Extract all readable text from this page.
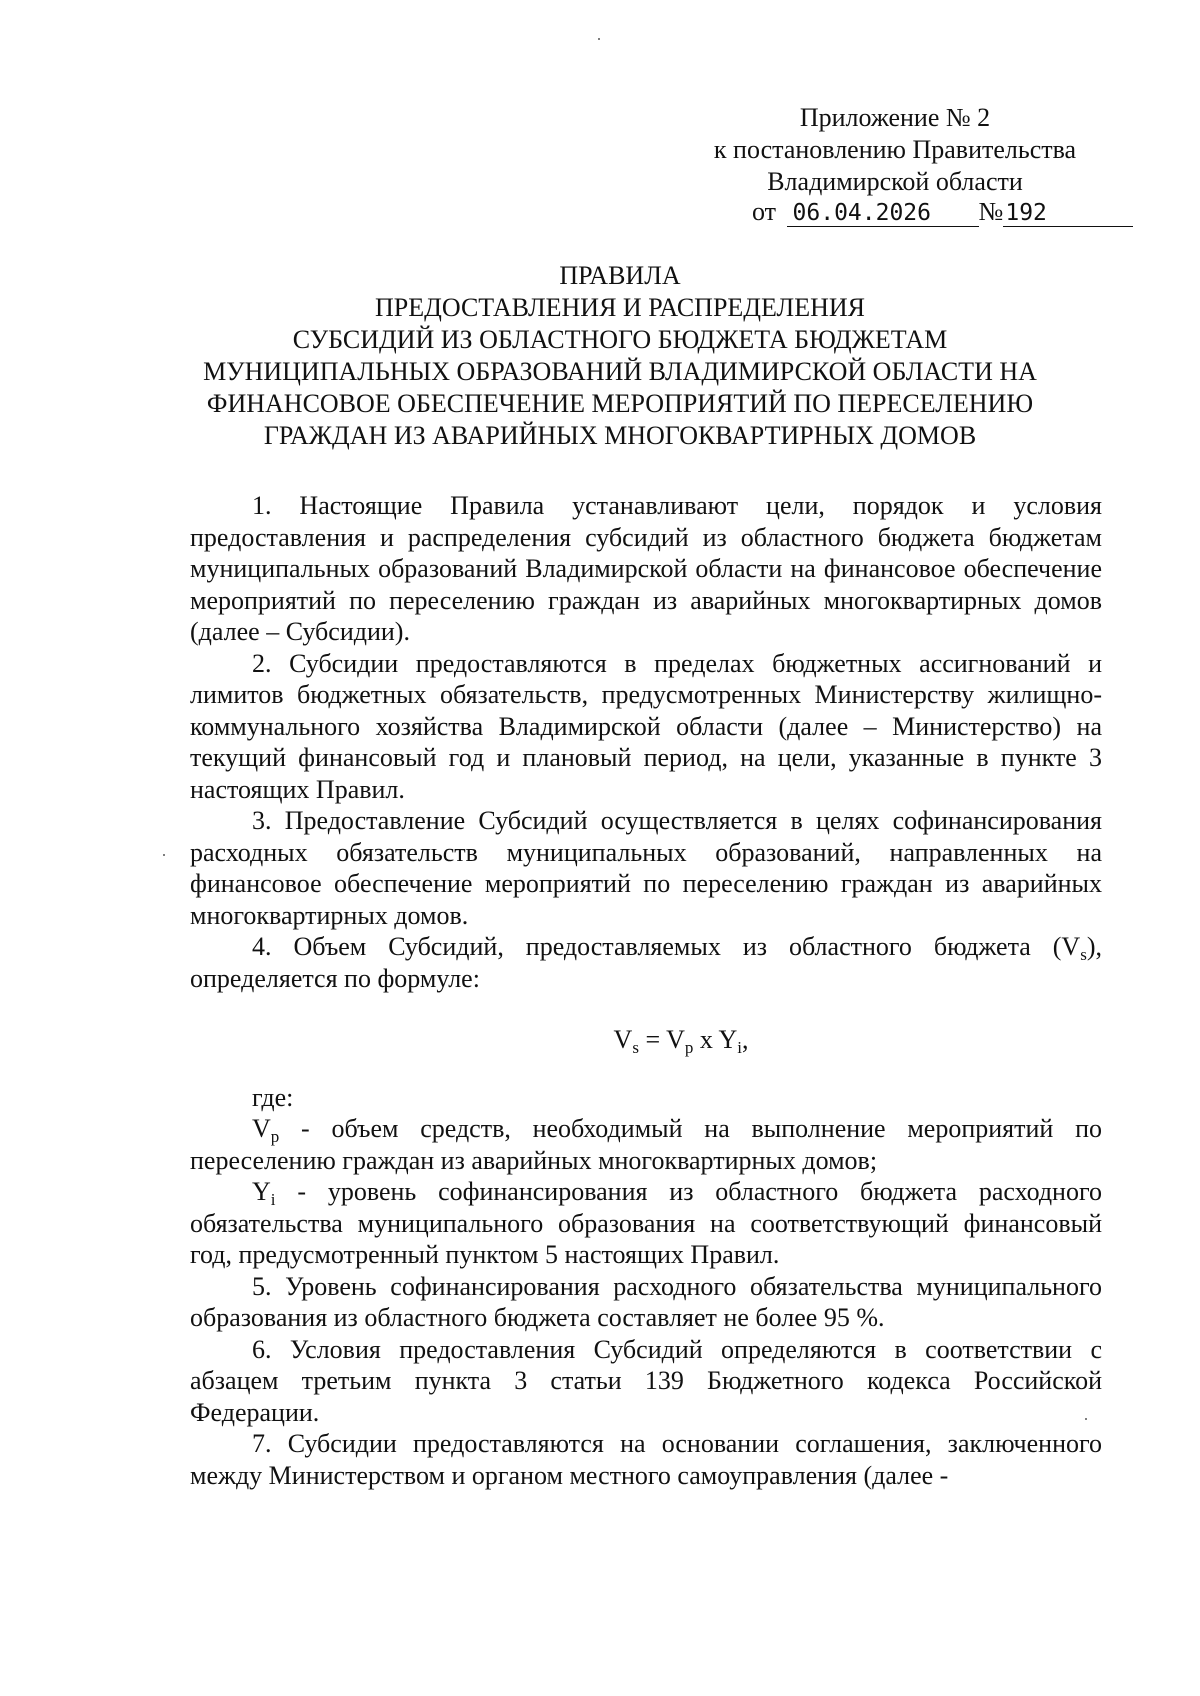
Приложение № 2
к постановлению Правительства
Владимирской области
от 06.04.2026 №192
ПРАВИЛА
ПРЕДОСТАВЛЕНИЯ И РАСПРЕДЕЛЕНИЯ
СУБСИДИЙ ИЗ ОБЛАСТНОГО БЮДЖЕТА БЮДЖЕТАМ
МУНИЦИПАЛЬНЫХ ОБРАЗОВАНИЙ ВЛАДИМИРСКОЙ ОБЛАСТИ НА
ФИНАНСОВОЕ ОБЕСПЕЧЕНИЕ МЕРОПРИЯТИЙ ПО ПЕРЕСЕЛЕНИЮ
ГРАЖДАН ИЗ АВАРИЙНЫХ МНОГОКВАРТИРНЫХ ДОМОВ

1. Настоящие Правила устанавливают цели, порядок и условия предоставления и распределения субсидий из областного бюджета бюджетам муниципальных образований Владимирской области на финансовое обеспечение мероприятий по переселению граждан из аварийных многоквартирных домов (далее – Субсидии).

2. Субсидии предоставляются в пределах бюджетных ассигнований и лимитов бюджетных обязательств, предусмотренных Министерству жилищно-коммунального хозяйства Владимирской области (далее – Министерство) на текущий финансовый год и плановый период, на цели, указанные в пункте 3 настоящих Правил.

3. Предоставление Субсидий осуществляется в целях софинансирования расходных обязательств муниципальных образований, направленных на финансовое обеспечение мероприятий по переселению граждан из аварийных многоквартирных домов.

4. Объем Субсидий, предоставляемых из областного бюджета $(V_s)$, определяется по формуле:

$V_s = V_p$ x $Y_i$,

где:

$V_p$ - объем средств, необходимый на выполнение мероприятий по переселению граждан из аварийных многоквартирных домов;

$Y_i$ - уровень софинансирования из областного бюджета расходного обязательства муниципального образования на соответствующий финансовый год, предусмотренный пунктом 5 настоящих Правил.

5. Уровень софинансирования расходного обязательства муниципального образования из областного бюджета составляет не более 95 %.

6. Условия предоставления Субсидий определяются в соответствии с абзацем третьим пункта 3 статьи 139 Бюджетного кодекса Российской Федерации.

7. Субсидии предоставляются на основании соглашения, заключенного между Министерством и органом местного самоуправления (далее -
